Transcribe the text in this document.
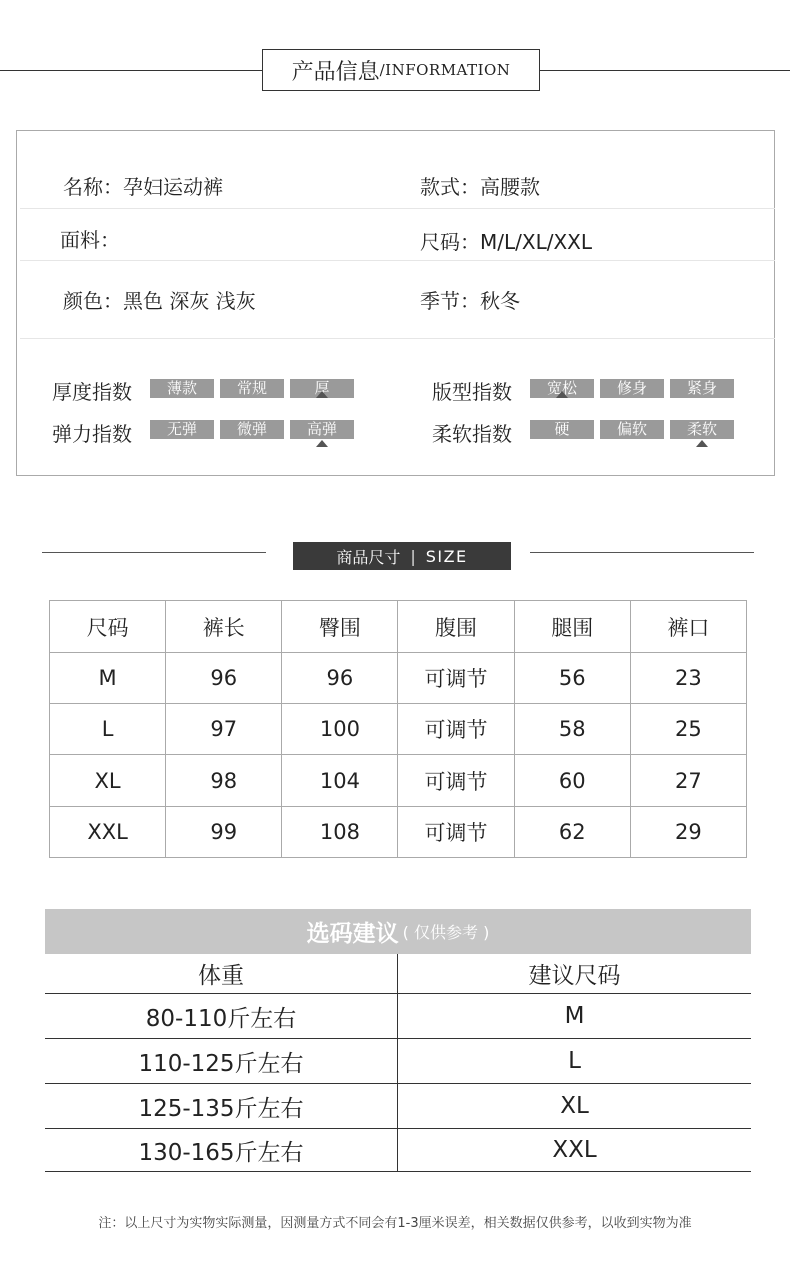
产品信息 /INFORMATION
名称：孕妇运动裤	款式：高腰款
面料：	尺码：M/L/XL/XXL
颜色：黑色 深灰 浅灰	季节：秋冬
厚度指数	薄款	常规	厚	版型指数	宽松	修身	紧身
弹力指数	无弹	微弹	高弹	柔软指数	硬	偏软	柔软
商品尺寸 | SIZE
尺码	裤长	臀围	腹围	腿围	裤口
M	96	96	可调节	56	23
L	97	100	可调节	58	25
XL	98	104	可调节	60	27
XXL	99	108	可调节	62	29
选码建议 ( 仅供参考 )
体重	建议尺码
80-110斤左右	M
110-125斤左右	L
125-135斤左右	XL
130-165斤左右	XXL
注：以上尺寸为实物实际测量，因测量方式不同会有1-3厘米误差，相关数据仅供参考，以收到实物为准
